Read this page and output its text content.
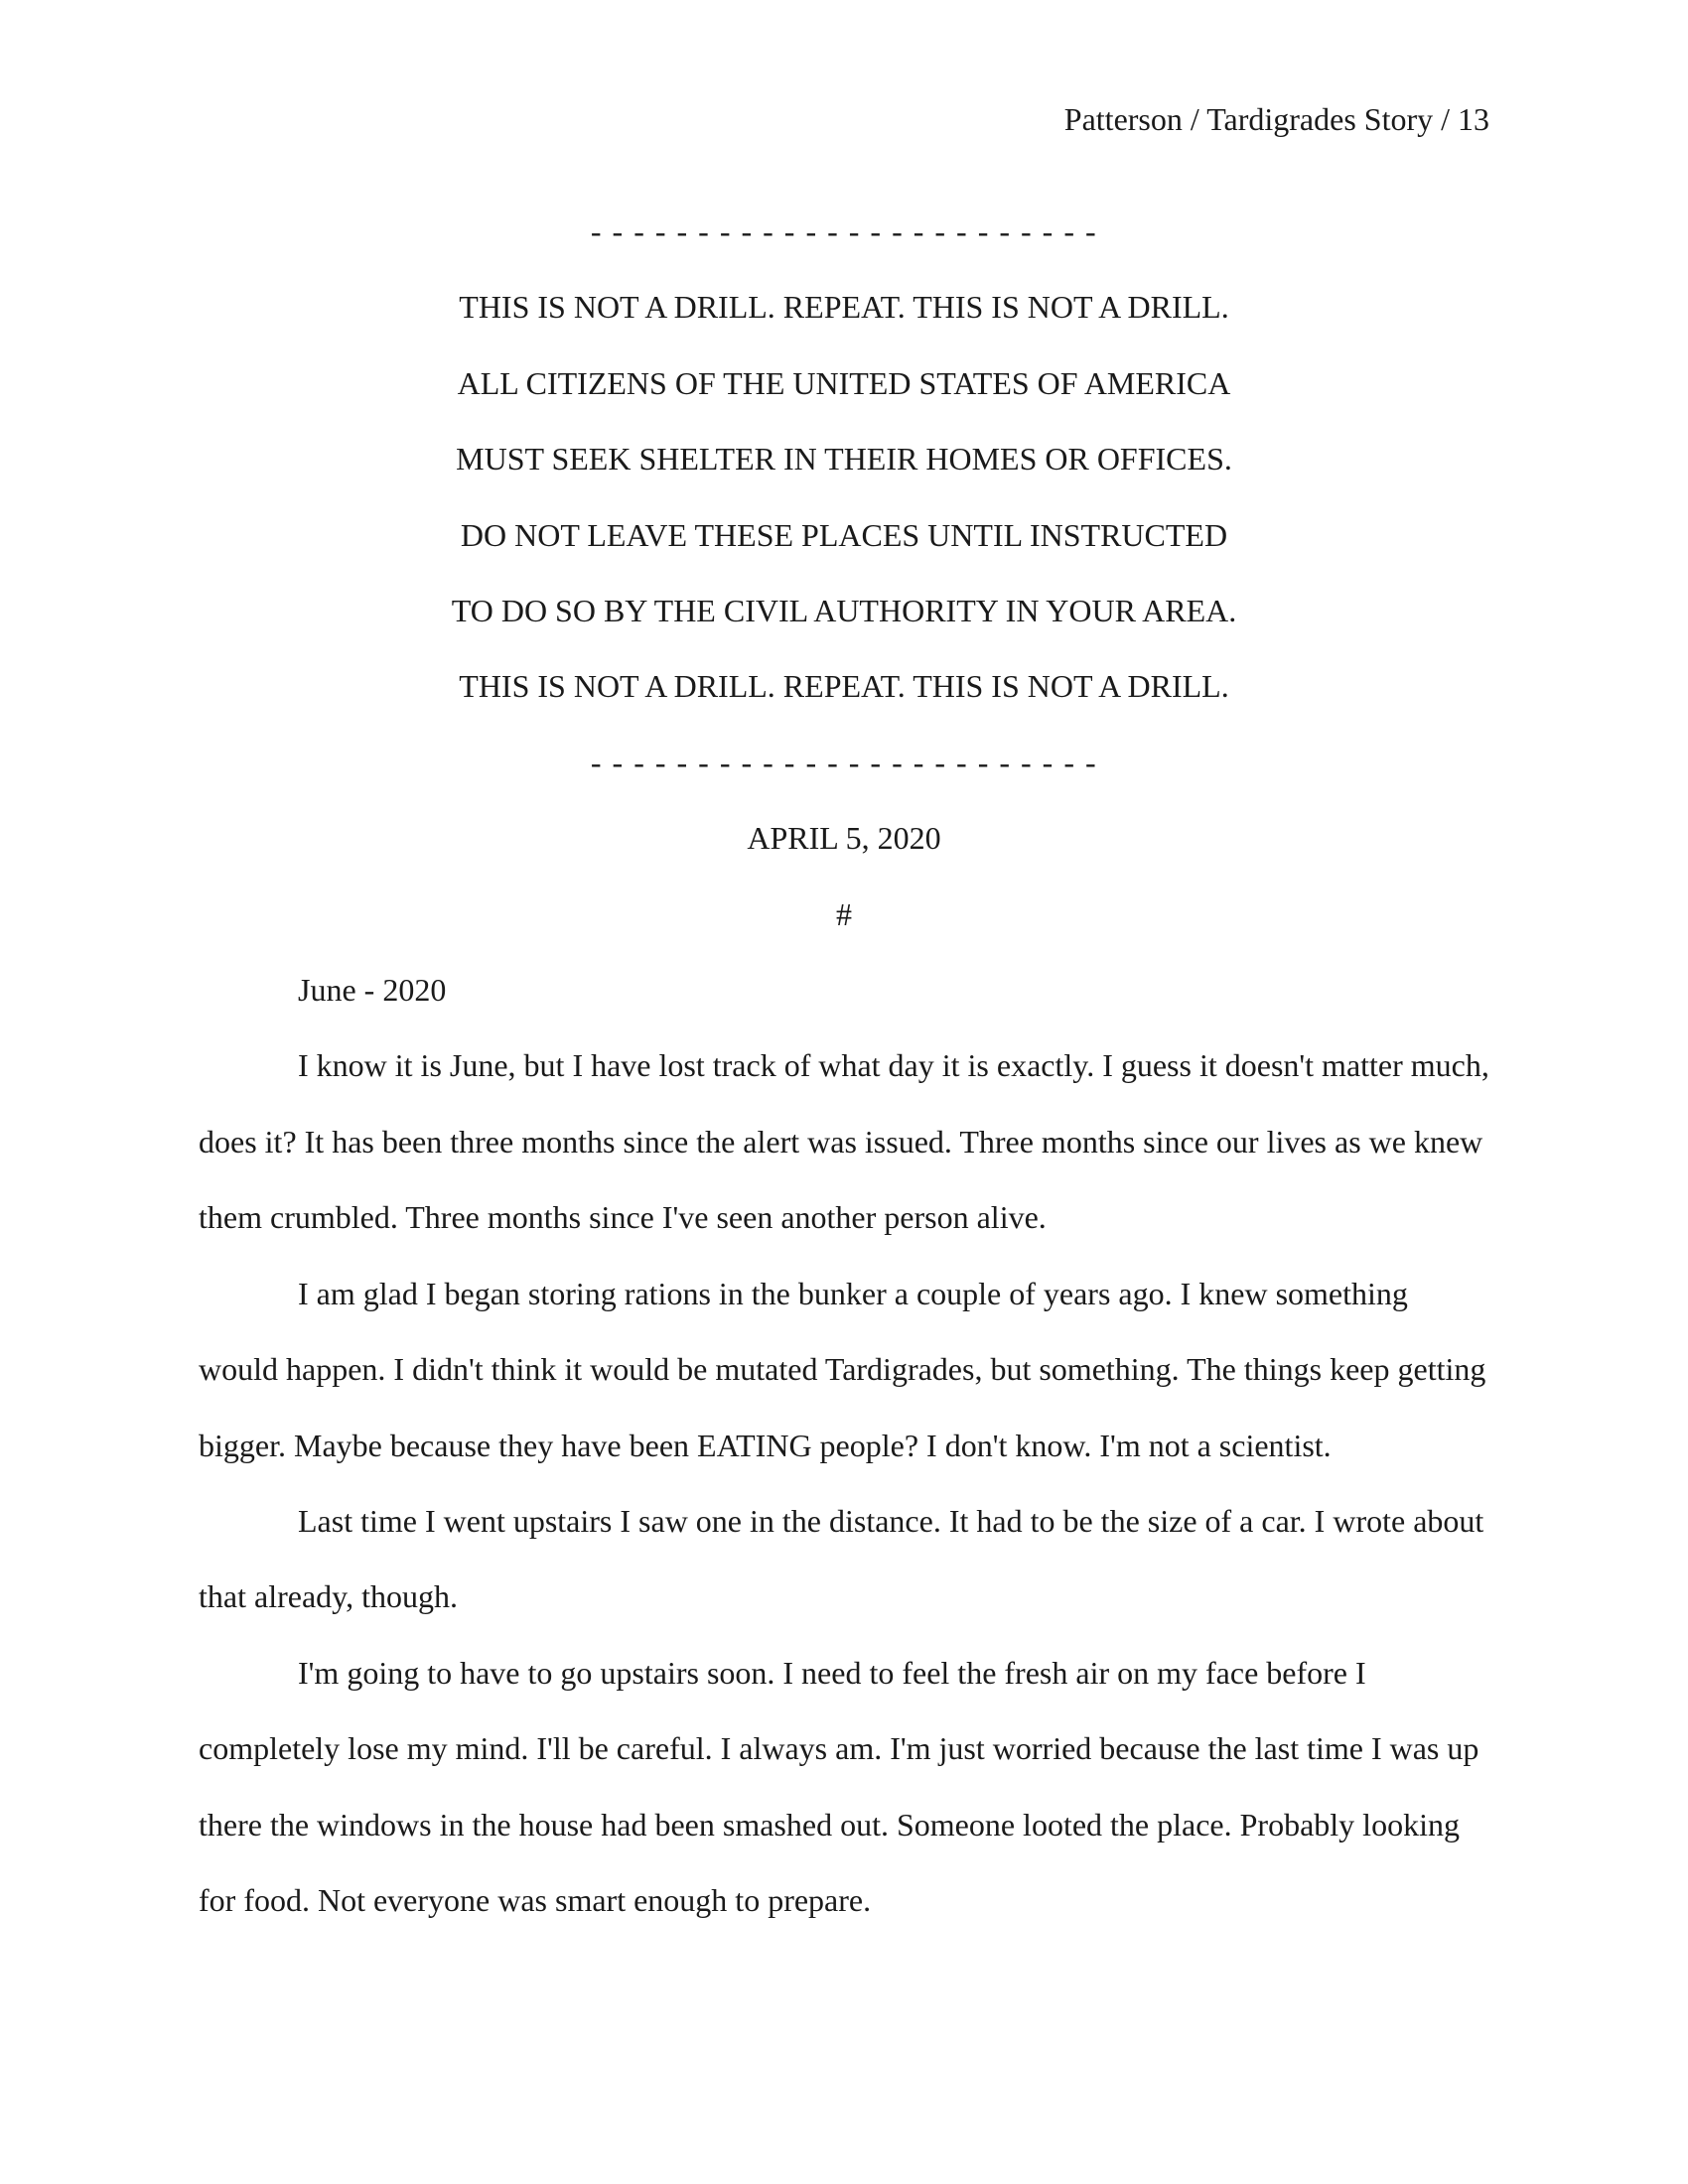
Patterson / Tardigrades Story / 13

- - - - - - - - - - - - - - - - - - - - - - - -

THIS IS NOT A DRILL. REPEAT. THIS IS NOT A DRILL.

ALL CITIZENS OF THE UNITED STATES OF AMERICA

MUST SEEK SHELTER IN THEIR HOMES OR OFFICES.

DO NOT LEAVE THESE PLACES UNTIL INSTRUCTED

TO DO SO BY THE CIVIL AUTHORITY IN YOUR AREA.

THIS IS NOT A DRILL. REPEAT. THIS IS NOT A DRILL.

- - - - - - - - - - - - - - - - - - - - - - - -

APRIL 5, 2020

#

June - 2020

I know it is June, but I have lost track of what day it is exactly. I guess it doesn't matter much, does it? It has been three months since the alert was issued. Three months since our lives as we knew them crumbled. Three months since I've seen another person alive.

I am glad I began storing rations in the bunker a couple of years ago. I knew something would happen. I didn't think it would be mutated Tardigrades, but something. The things keep getting bigger. Maybe because they have been EATING people? I don't know. I'm not a scientist.

Last time I went upstairs I saw one in the distance. It had to be the size of a car. I wrote about that already, though.

I'm going to have to go upstairs soon. I need to feel the fresh air on my face before I completely lose my mind. I'll be careful. I always am. I'm just worried because the last time I was up there the windows in the house had been smashed out. Someone looted the place. Probably looking for food. Not everyone was smart enough to prepare.
